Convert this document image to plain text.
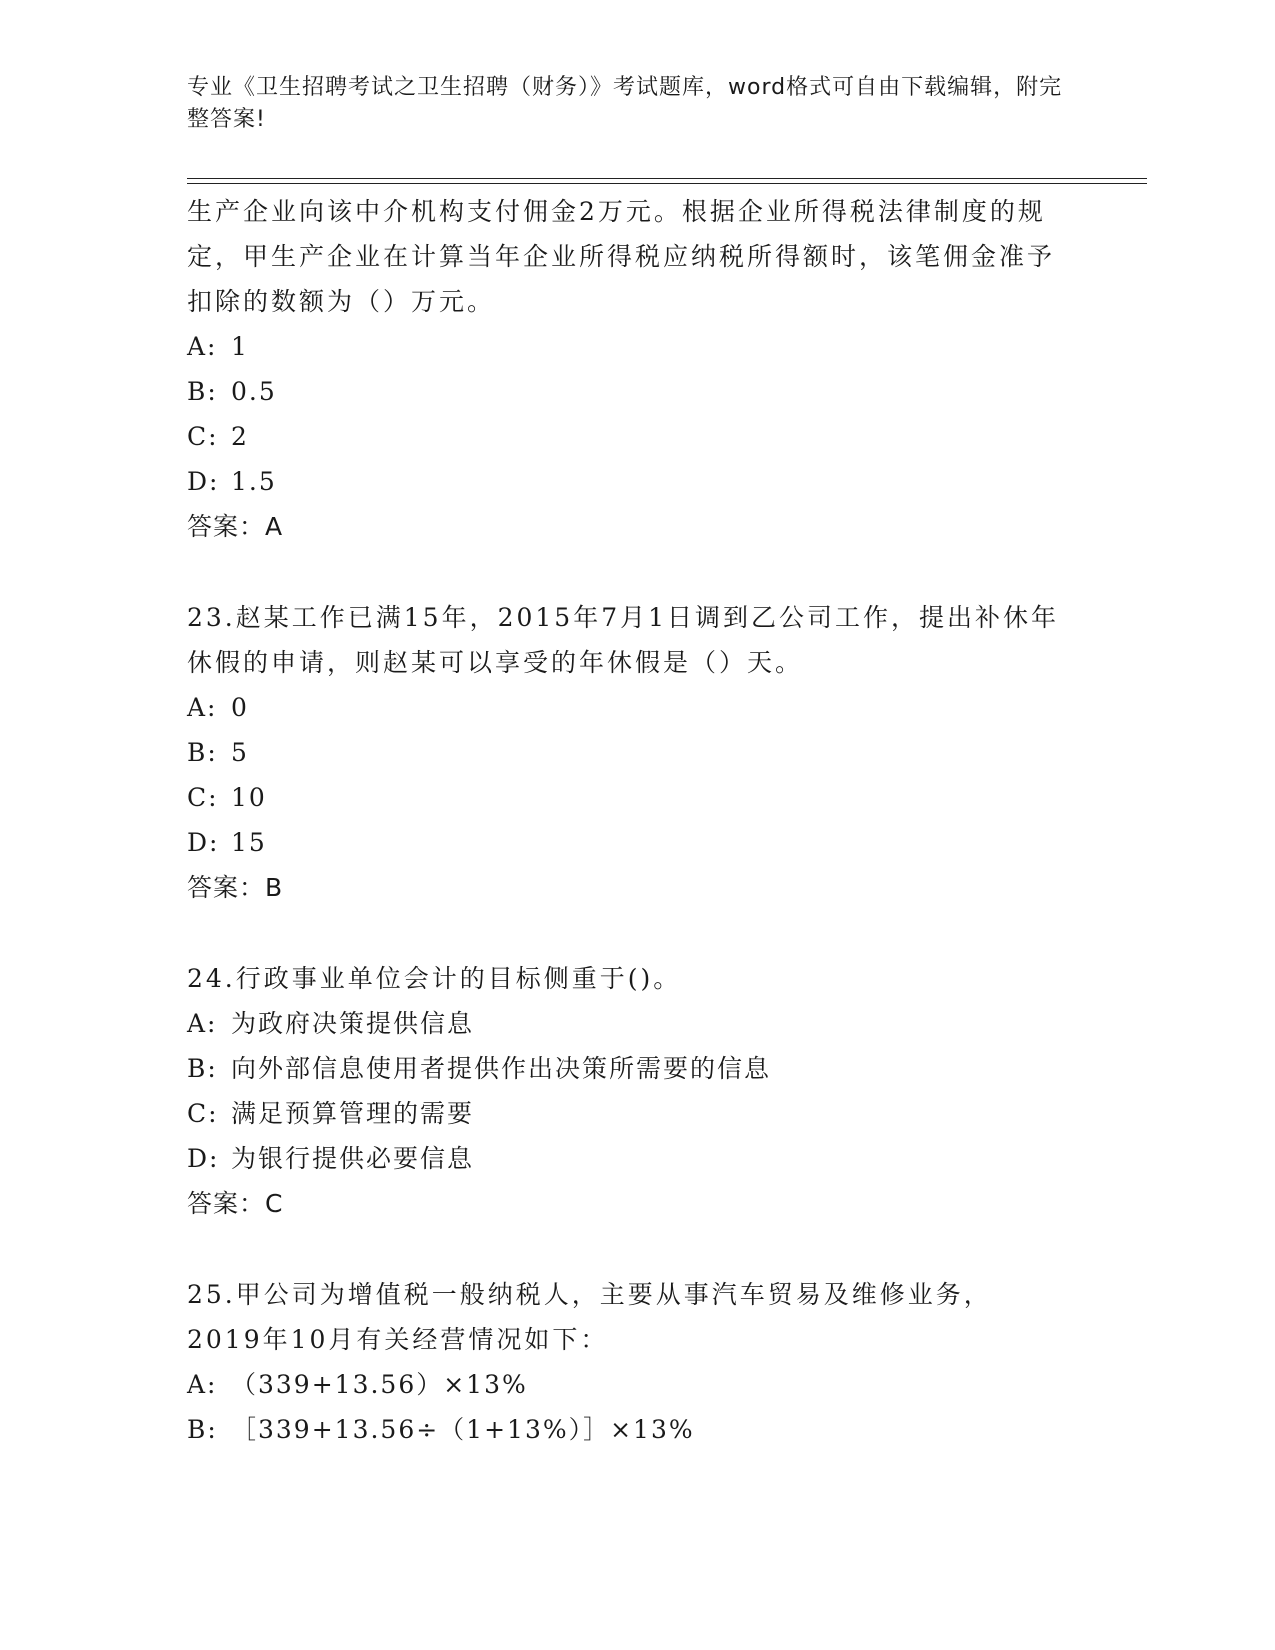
专业《卫生招聘考试之卫生招聘（财务）》考试题库，word格式可自由下载编辑，附完整答案!
生产企业向该中介机构支付佣金2万元。根据企业所得税法律制度的规定，甲生产企业在计算当年企业所得税应纳税所得额时，该笔佣金准予扣除的数额为（）万元。
A: 1
B: 0.5
C: 2
D: 1.5
答案：A
23.赵某工作已满15年，2015年7月1日调到乙公司工作，提出补休年休假的申请，则赵某可以享受的年休假是（）天。
A: 0
B: 5
C: 10
D: 15
答案：B
24.行政事业单位会计的目标侧重于()。
A: 为政府决策提供信息
B: 向外部信息使用者提供作出决策所需要的信息
C: 满足预算管理的需要
D: 为银行提供必要信息
答案：C
25.甲公司为增值税一般纳税人，主要从事汽车贸易及维修业务，2019年10月有关经营情况如下：
A: （339+13.56）×13%
B: ［339+13.56÷（1+13%）］×13%
